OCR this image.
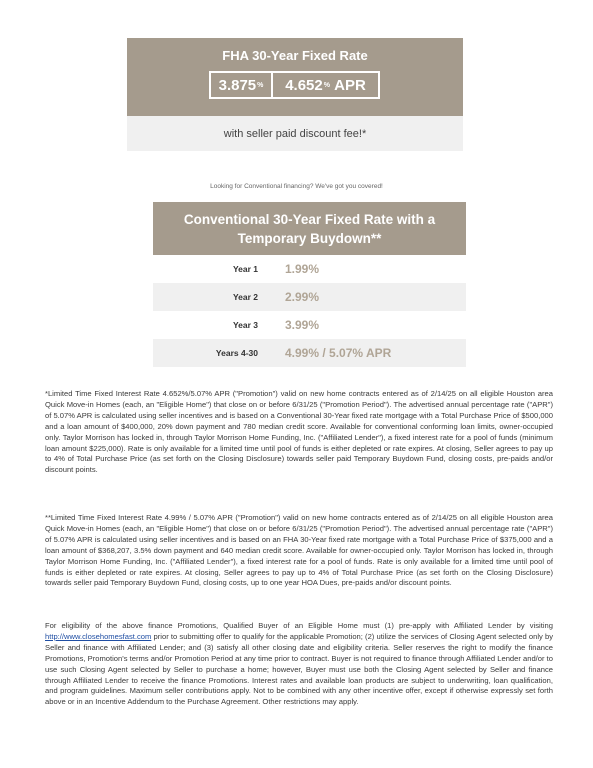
FHA 30-Year Fixed Rate
3.875 % 4.652 %
APR
with seller paid discount fee!*
Looking for Conventional financing? We've got you covered!
Conventional 30-Year Fixed Rate with a
Temporary Buydown**
Year 1 1.99%
Year 2 2.99%
Year 3 3.99%
Years 4-30 4.99% / 5.07% APR
*Limited Time Fixed Interest Rate 4.652%/5.07% APR ("Promotion") valid on new home contracts entered as of 2/14/25 on all eligible Houston area Quick Move-in Homes (each, an "Eligible Home") that close on or before 6/31/25 ("Promotion Period"). The advertised annual percentage rate ("APR") of 5.07% APR is calculated using seller incentives and is based on a Conventional 30-Year fixed rate mortgage with a Total Purchase Price of $500,000 and a loan amount of $400,000, 20% down payment and 780 median credit score. Available for conventional conforming loan limits, owner-occupied only. Taylor Morrison has locked in, through Taylor Morrison Home Funding, Inc. ("Affiliated Lender"), a fixed interest rate for a pool of funds (minimum loan amount $225,000). Rate is only available for a limited time until pool of funds is either depleted or rate expires. At closing, Seller agrees to pay up to 4% of Total Purchase Price (as set forth on the Closing Disclosure) towards seller paid Temporary Buydown Fund, closing costs, pre-paids and/or discount points.
**Limited Time Fixed Interest Rate 4.99% / 5.07% APR ("Promotion") valid on new home contracts entered as of 2/14/25 on all eligible Houston area Quick Move-in Homes (each, an "Eligible Home") that close on or before 6/31/25 ("Promotion Period"). The advertised annual percentage rate ("APR") of 5.07% APR is calculated using seller incentives and is based on an FHA 30-Year fixed rate mortgage with a Total Purchase Price of $375,000 and a loan amount of $368,207, 3.5% down payment and 640 median credit score. Available for owner-occupied only. Taylor Morrison has locked in, through Taylor Morrison Home Funding, Inc. ("Affiliated Lender"), a fixed interest rate for a pool of funds. Rate is only available for a limited time until pool of funds is either depleted or rate expires. At closing, Seller agrees to pay up to 4% of Total Purchase Price (as set forth on the Closing Disclosure) towards seller paid Temporary Buydown Fund, closing costs, up to one year HOA Dues, pre-paids and/or discount points.
For eligibility of the above finance Promotions, Qualified Buyer of an Eligible Home must (1) pre-apply with Affiliated Lender by visiting http://www.closehomesfast.com prior to submitting offer to qualify for the applicable Promotion; (2) utilize the services of Closing Agent selected only by Seller and finance with Affiliated Lender; and (3) satisfy all other closing date and eligibility criteria. Seller reserves the right to modify the finance Promotions, Promotion's terms and/or Promotion Period at any time prior to contract. Buyer is not required to finance through Affiliated Lender and/or to use such Closing Agent selected by Seller to purchase a home; however, Buyer must use both the Closing Agent selected by Seller and finance through Affiliated Lender to receive the finance Promotions. Interest rates and available loan products are subject to underwriting, loan qualification, and program guidelines. Maximum seller contributions apply. Not to be combined with any other incentive offer, except if otherwise expressly set forth above or in an Incentive Addendum to the Purchase Agreement. Other restrictions may apply.
